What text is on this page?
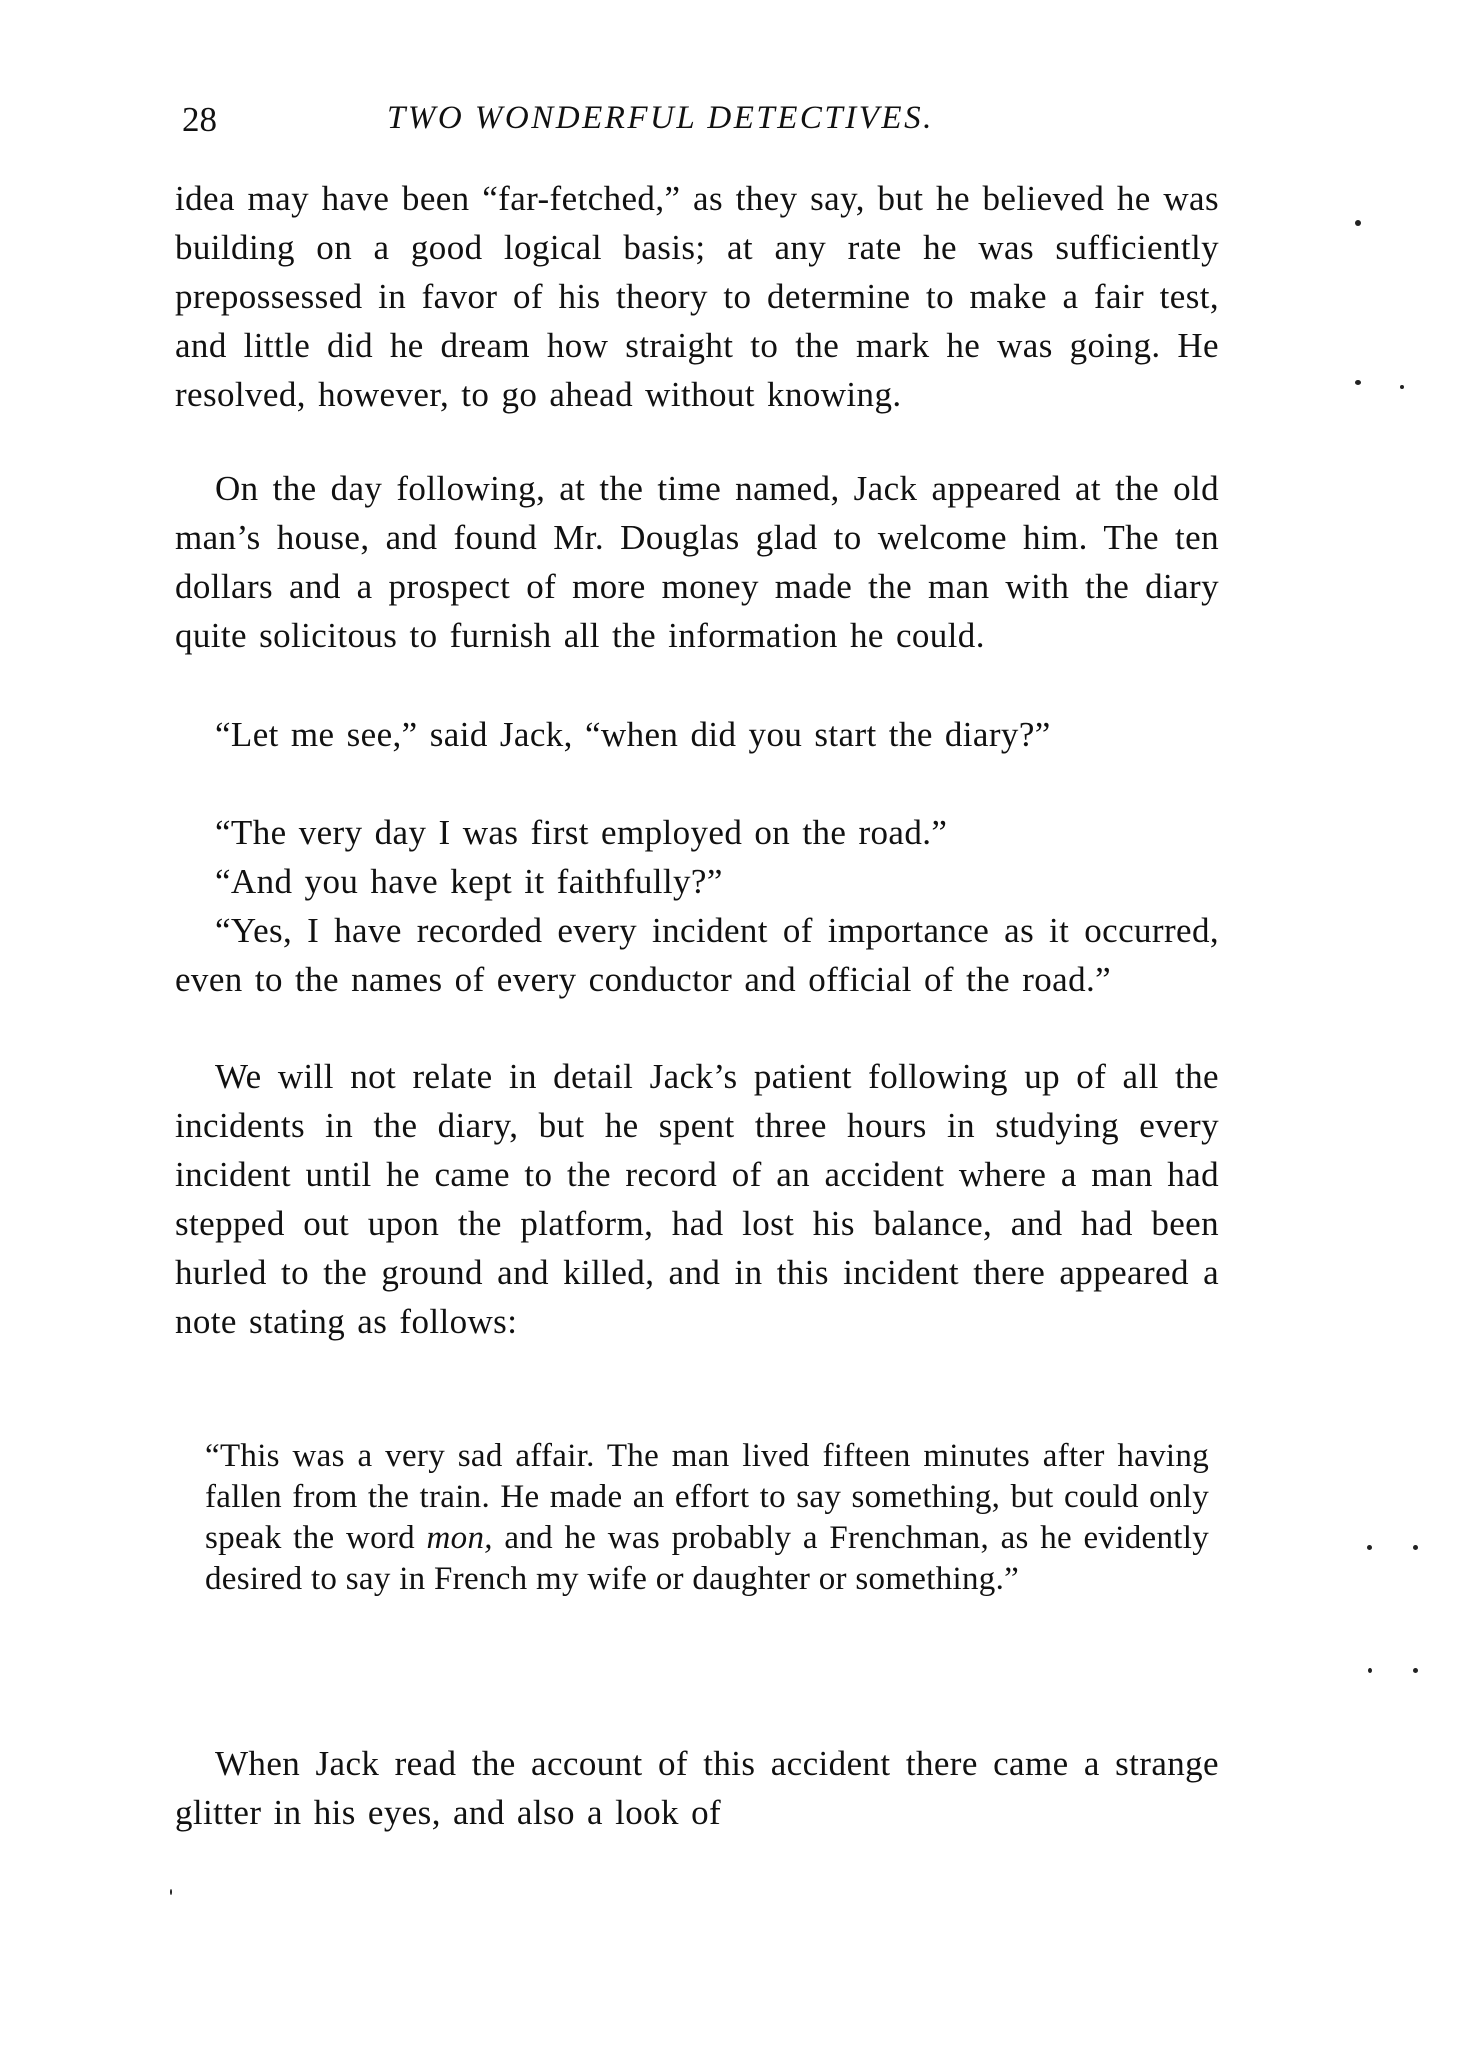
28	TWO WONDERFUL DETECTIVES.

idea may have been “far-fetched,” as they say, but he believed he was building on a good logical basis; at any rate he was sufficiently prepossessed in favor of his theory to determine to make a fair test, and little did he dream how straight to the mark he was going. He resolved, however, to go ahead without knowing.

On the day following, at the time named, Jack appeared at the old man’s house, and found Mr. Douglas glad to welcome him. The ten dollars and a prospect of more money made the man with the diary quite solicitous to furnish all the information he could.

“Let me see,” said Jack, “when did you start the diary?”

“The very day I was first employed on the road.”

“And you have kept it faithfully?”

“Yes, I have recorded every incident of importance as it occurred, even to the names of every conductor and official of the road.”

We will not relate in detail Jack’s patient following up of all the incidents in the diary, but he spent three hours in studying every incident until he came to the record of an accident where a man had stepped out upon the platform, had lost his balance, and had been hurled to the ground and killed, and in this incident there appeared a note stating as follows:

“This was a very sad affair. The man lived fifteen minutes after having fallen from the train. He made an effort to say something, but could only speak the word mon, and he was probably a Frenchman, as he evidently desired to say in French my wife or daughter or something.”

When Jack read the account of this accident there came a strange glitter in his eyes, and also a look of
